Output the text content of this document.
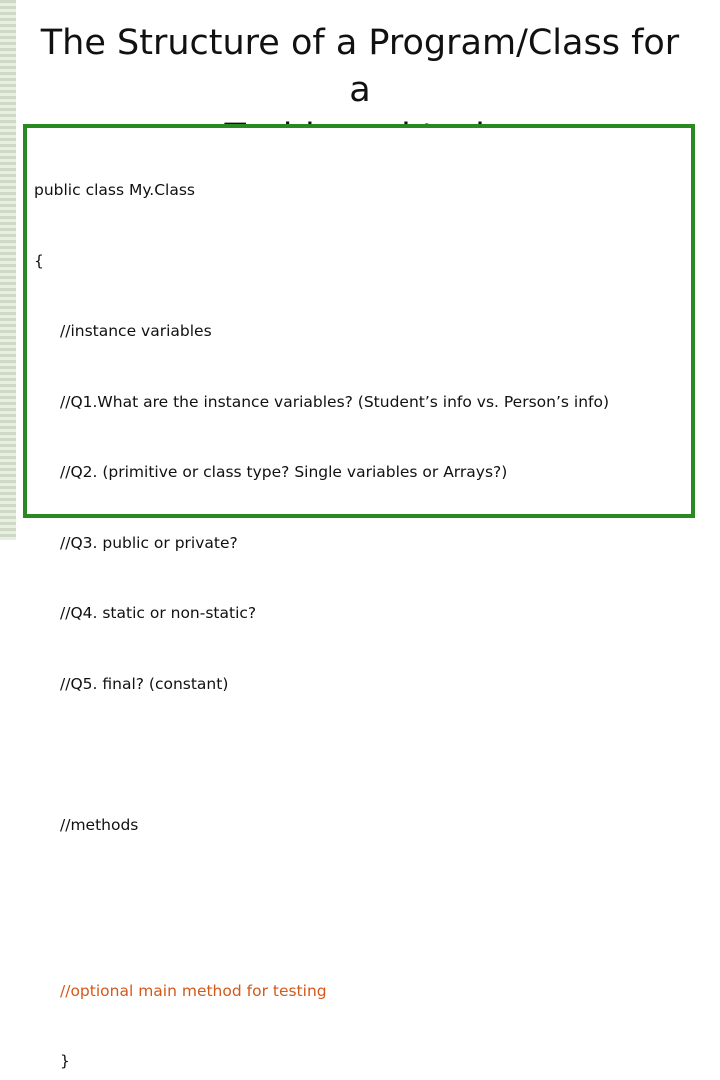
The Structure of a Program/Class for a

public class My.Class

{

//instance variables

//Q1.What are the instance variables? (Student’s info vs. Person’s info)

//Q2. (primitive or class type? Single variables or Arrays?)

//Q3. public or private?

//Q4. static or non-static?

//Q5. final? (constant)

//methods

//optional main method for testing

}
